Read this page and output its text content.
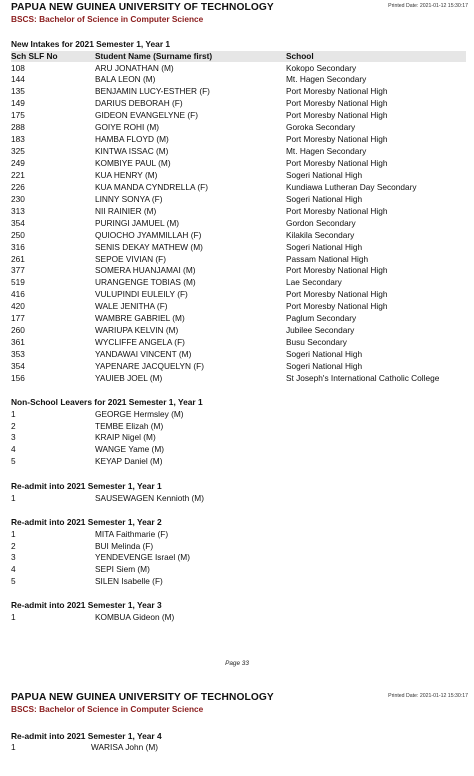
PAPUA NEW GUINEA UNIVERSITY OF TECHNOLOGY
BSCS: Bachelor of Science in Computer Science
Printed Date: 2021-01-12 15:30:17
New Intakes for 2021 Semester 1, Year 1
Sch SLF No	Student Name (Surname first)	School
108	ARU JONATHAN (M)	Kokopo Secondary
144	BALA LEON (M)	Mt. Hagen Secondary
135	BENJAMIN LUCY-ESTHER (F)	Port Moresby National High
149	DARIUS DEBORAH (F)	Port Moresby National High
175	GIDEON EVANGELYNE (F)	Port Moresby National High
288	GOIYE ROHI (M)	Goroka Secondary
183	HAMBA FLOYD (M)	Port Moresby National High
325	KINTWA ISSAC (M)	Mt. Hagen Secondary
249	KOMBIYE PAUL (M)	Port Moresby National High
221	KUA HENRY (M)	Sogeri National High
226	KUA MANDA CYNDRELLA (F)	Kundiawa Lutheran Day Secondary
230	LINNY SONYA (F)	Sogeri National High
313	NII RAINIER (M)	Port Moresby National High
354	PURINGI JAMUEL (M)	Gordon Secondary
250	QUIOCHO JYAMMILLAH (F)	Kilakila Secondary
316	SENIS DEKAY MATHEW (M)	Sogeri National High
261	SEPOE VIVIAN (F)	Passam National High
377	SOMERA HUANJAMAI (M)	Port Moresby National High
519	URANGENGE TOBIAS (M)	Lae Secondary
416	VULUPINDI EULEILY (F)	Port Moresby National High
420	WALE JENITHA (F)	Port Moresby National High
177	WAMBRE GABRIEL (M)	Paglum Secondary
260	WARIUPA KELVIN (M)	Jubilee Secondary
361	WYCLIFFE ANGELA (F)	Busu Secondary
353	YANDAWAI VINCENT (M)	Sogeri National High
354	YAPENARE JACQUELYN (F)	Sogeri National High
156	YAUIEB JOEL (M)	St Joseph's International Catholic College
Non-School Leavers for 2021 Semester 1, Year 1
1	GEORGE Hermsley (M)
2	TEMBE Elizah (M)
3	KRAIP Nigel (M)
4	WANGE Yame (M)
5	KEYAP Daniel (M)
Re-admit into 2021 Semester 1, Year 1
1	SAUSEWAGEN Kennioth (M)
Re-admit into 2021 Semester 1, Year 2
1	MITA Faithmarie (F)
2	BUI Melinda (F)
3	YENDEVENGE Israel (M)
4	SEPI Siem (M)
5	SILEN Isabelle (F)
Re-admit into 2021 Semester 1, Year 3
1	KOMBUA Gideon (M)
Page 33
PAPUA NEW GUINEA UNIVERSITY OF TECHNOLOGY
BSCS: Bachelor of Science in Computer Science
Printed Date: 2021-01-12 15:30:17
Re-admit into 2021 Semester 1, Year 4
1	WARISA John (M)
